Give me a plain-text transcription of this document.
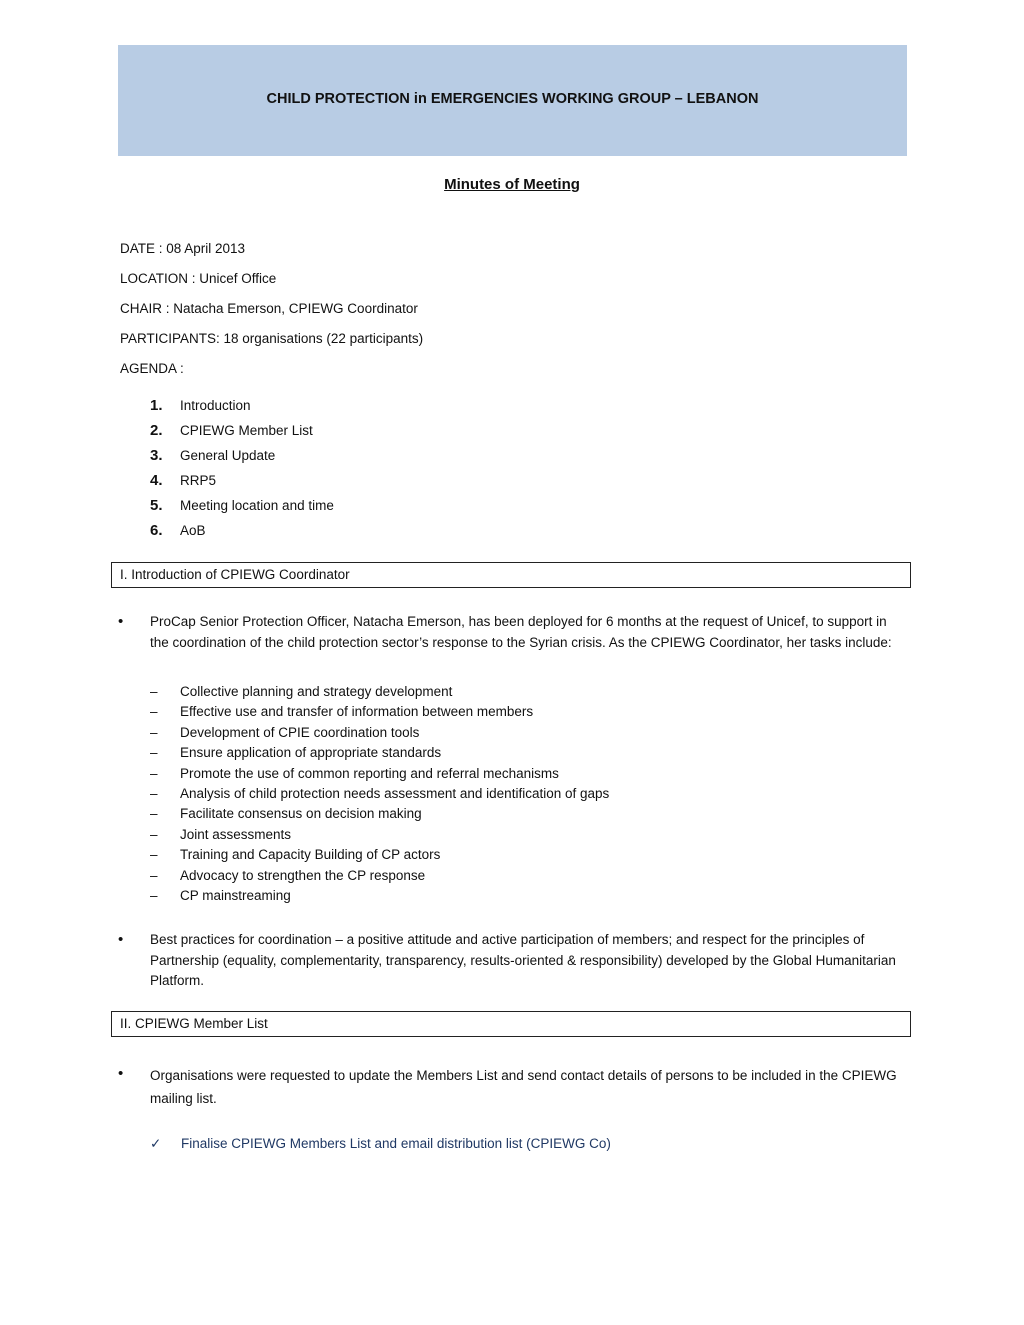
CHILD PROTECTION in EMERGENCIES WORKING GROUP – LEBANON
Minutes of Meeting
DATE : 08 April 2013
LOCATION : Unicef Office
CHAIR : Natacha Emerson, CPIEWG Coordinator
PARTICIPANTS: 18 organisations (22 participants)
AGENDA :
1.	Introduction
2.	CPIEWG Member List
3.	General Update
4.	RRP5
5.	Meeting location and time
6.	AoB
I. Introduction of CPIEWG Coordinator
• ProCap Senior Protection Officer, Natacha Emerson, has been deployed for 6 months at the request of Unicef, to support in the coordination of the child protection sector’s response to the Syrian crisis. As the CPIEWG Coordinator, her tasks include:
–	Collective planning and strategy development
–	Effective use and transfer of information between members
–	Development of CPIE coordination tools
–	Ensure application of appropriate standards
–	Promote the use of common reporting and referral mechanisms
–	Analysis of child protection needs assessment and identification of gaps
–	Facilitate consensus on decision making
–	Joint assessments
–	Training and Capacity Building of CP actors
–	Advocacy to strengthen the CP response
–	CP mainstreaming
• Best practices for coordination – a positive attitude and active participation of members; and respect for the principles of Partnership (equality, complementarity, transparency, results-oriented & responsibility) developed by the Global Humanitarian Platform.
II. CPIEWG Member List
• Organisations were requested to update the Members List and send contact details of persons to be included in the CPIEWG mailing list.
✓	Finalise CPIEWG Members List and email distribution list (CPIEWG Co)
